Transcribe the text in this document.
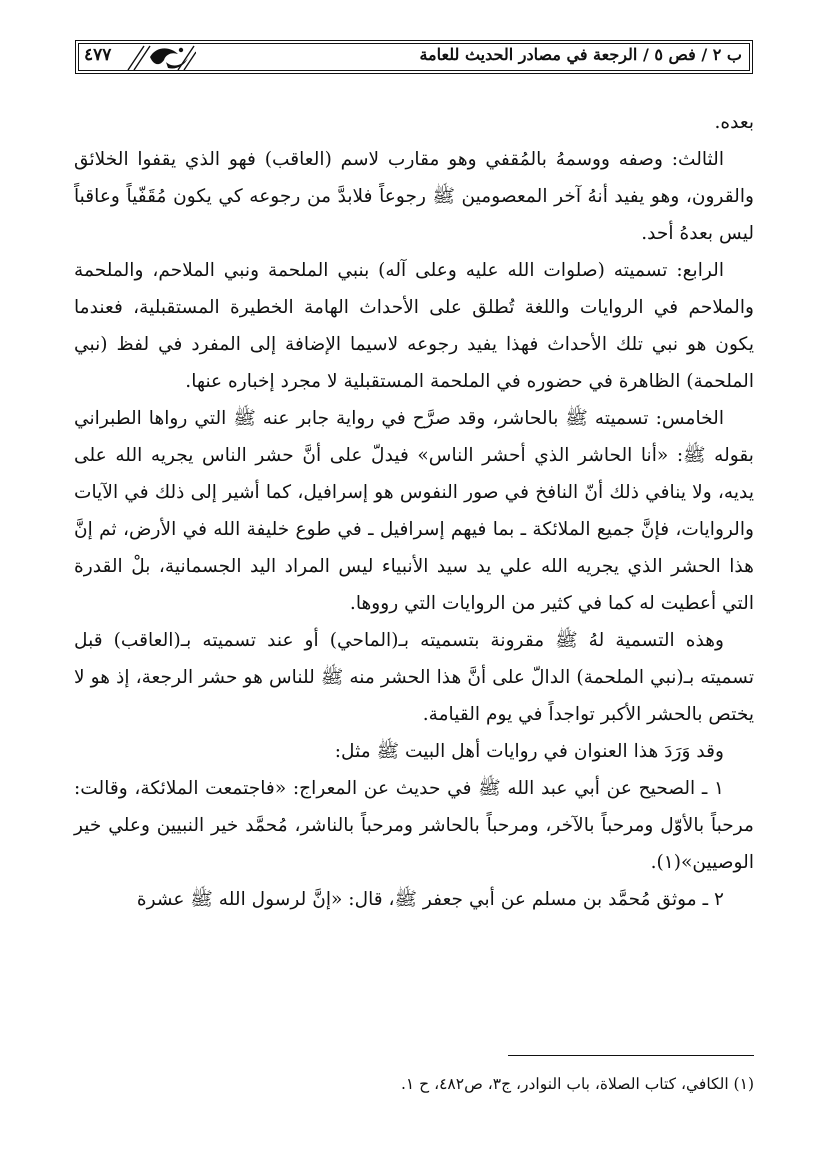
ب ٢ / فص ٥ / الرجعة في مصادر الحديث للعامة
٤٧٧

بعده.

الثالث: وصفه ووسمهُ بالمُقفي وهو مقارب لاسم (العاقب) فهو الذي يقفوا الخلائق والقرون، وهو يفيد أنهُ آخر المعصومين ﷺ رجوعاً فلابدَّ من رجوعه كي يكون مُقَفّياً وعاقباً ليس بعدهُ أحد.

الرابع: تسميته (صلوات الله عليه وعلى آله) بنبي الملحمة ونبي الملاحم، والملحمة والملاحم في الروايات واللغة تُطلق على الأحداث الهامة الخطيرة المستقبلية، فعندما يكون هو نبي تلك الأحداث فهذا يفيد رجوعه لاسيما الإضافة إلى المفرد في لفظ (نبي الملحمة) الظاهرة في حضوره في الملحمة المستقبلية لا مجرد إخباره عنها.

الخامس: تسميته ﷺ بالحاشر، وقد صرَّح في رواية جابر عنه ﷺ التي رواها الطبراني بقوله ﷺ: «أنا الحاشر الذي أحشر الناس» فيدلّ على أنَّ حشر الناس يجريه الله على يديه، ولا ينافي ذلك أنّ النافخ في صور النفوس هو إسرافيل، كما أشير إلى ذلك في الآيات والروايات، فإنَّ جميع الملائكة ـ بما فيهم إسرافيل ـ في طوع خليفة الله في الأرض، ثم إنَّ هذا الحشر الذي يجريه الله علي يد سيد الأنبياء ليس المراد اليد الجسمانية، بلْ القدرة التي أعطيت له كما في كثير من الروايات التي رووها.

وهذه التسمية لهُ ﷺ مقرونة بتسميته بـ(الماحي) أو عند تسميته بـ(العاقب) قبل تسميته بـ(نبي الملحمة) الدالّ على أنَّ هذا الحشر منه ﷺ للناس هو حشر الرجعة، إذ هو لا يختص بالحشر الأكبر تواجداً في يوم القيامة.

وقد وَرَدَ هذا العنوان في روايات أهل البيت ﷺ مثل:

١ ـ الصحيح عن أبي عبد الله ﷺ في حديث عن المعراج: «فاجتمعت الملائكة، وقالت: مرحباً بالأوّل ومرحباً بالآخر، ومرحباً بالحاشر ومرحباً بالناشر، مُحمَّد خير النبيين وعلي خير الوصيين»(١).

٢ ـ موثق مُحمَّد بن مسلم عن أبي جعفر ﷺ، قال: «إنَّ لرسول الله ﷺ عشرة

(١) الكافي، كتاب الصلاة، باب النوادر، ج٣، ص٤٨٢، ح ١.
